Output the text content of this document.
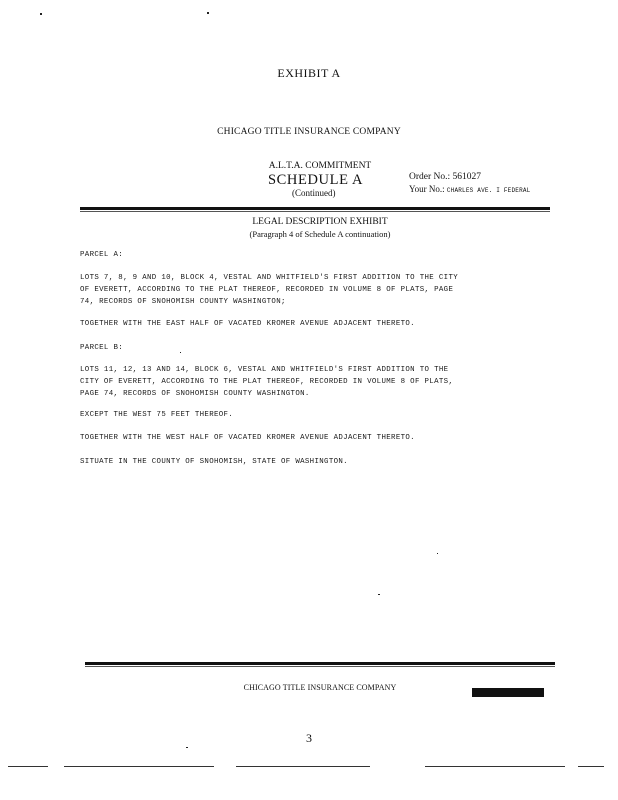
EXHIBIT A
CHICAGO TITLE INSURANCE COMPANY
A.L.T.A. COMMITMENT
SCHEDULE A
(Continued)
Order No.: 561027
Your No.: CHARLES AVE. I FEDERAL
LEGAL DESCRIPTION EXHIBIT
(Paragraph 4 of Schedule A continuation)
PARCEL A:
LOTS 7, 8, 9 AND 10, BLOCK 4, VESTAL AND WHITFIELD'S FIRST ADDITION TO THE CITY
OF EVERETT, ACCORDING TO THE PLAT THEREOF, RECORDED IN VOLUME 8 OF PLATS, PAGE
74, RECORDS OF SNOHOMISH COUNTY WASHINGTON;
TOGETHER WITH THE EAST HALF OF VACATED KROMER AVENUE ADJACENT THERETO.
PARCEL B:
LOTS 11, 12, 13 AND 14, BLOCK 6, VESTAL AND WHITFIELD'S FIRST ADDITION TO THE
CITY OF EVERETT, ACCORDING TO THE PLAT THEREOF, RECORDED IN VOLUME 8 OF PLATS,
PAGE 74, RECORDS OF SNOHOMISH COUNTY WASHINGTON.
EXCEPT THE WEST 75 FEET THEREOF.
TOGETHER WITH THE WEST HALF OF VACATED KROMER AVENUE ADJACENT THERETO.
SITUATE IN THE COUNTY OF SNOHOMISH, STATE OF WASHINGTON.
CHICAGO TITLE INSURANCE COMPANY
3
